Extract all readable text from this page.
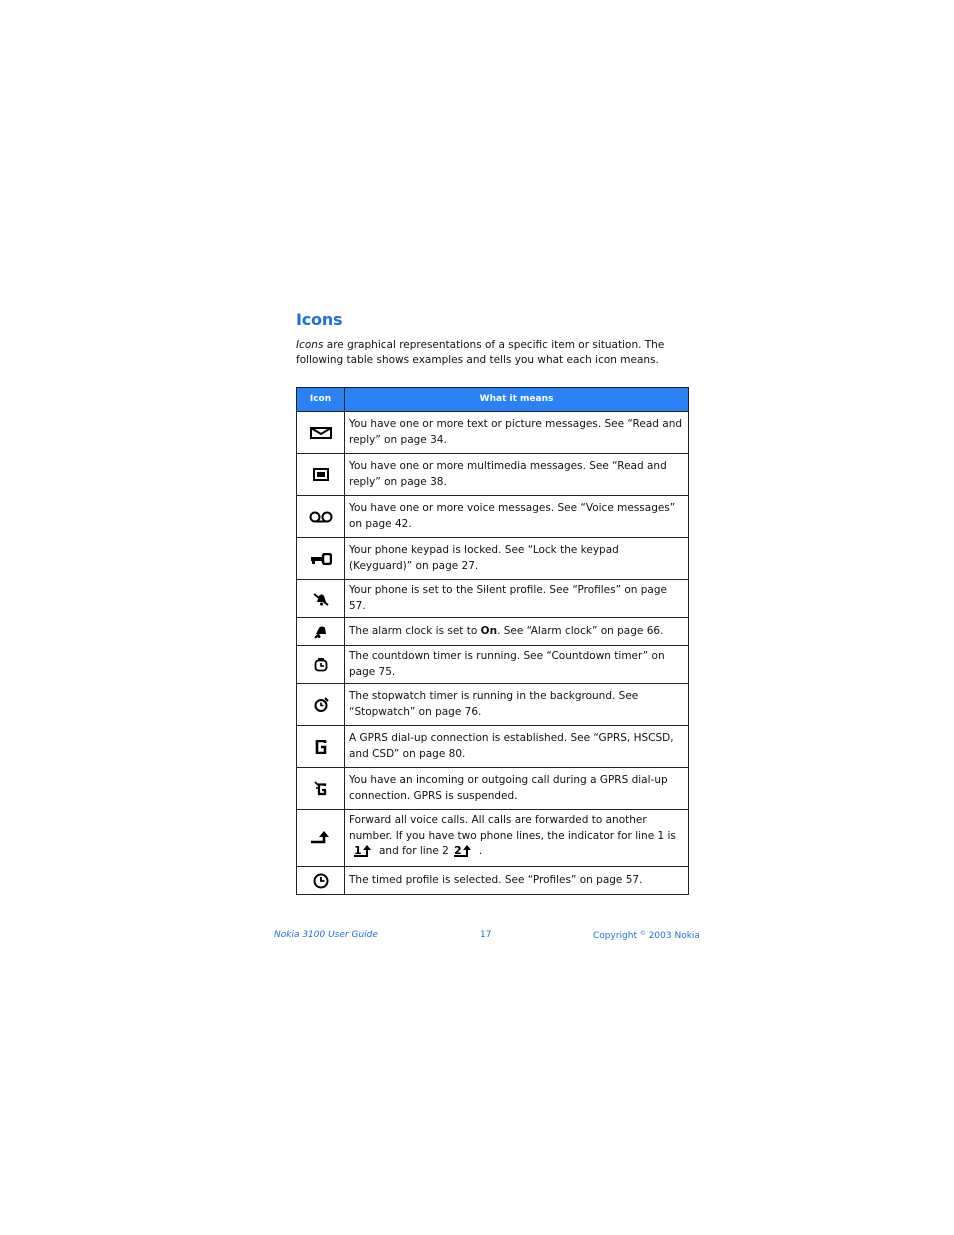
Icons

Icons are graphical representations of a specific item or situation. The following table shows examples and tells you what each icon means.

Icon	What it means

	You have one or more text or picture messages. See “Read and reply” on page 34.

	You have one or more multimedia messages. See “Read and reply” on page 38.

	You have one or more voice messages. See “Voice messages” on page 42.

	Your phone keypad is locked. See “Lock the keypad (Keyguard)” on page 27.

	Your phone is set to the Silent profile. See “Profiles” on page 57.

	The alarm clock is set to On. See “Alarm clock” on page 66.

	The countdown timer is running. See “Countdown timer” on page 75.

	The stopwatch timer is running in the background. See “Stopwatch” on page 76.

	A GPRS dial-up connection is established. See “GPRS, HSCSD, and CSD” on page 80.

	You have an incoming or outgoing call during a GPRS dial-up connection. GPRS is suspended.

	Forward all voice calls. All calls are forwarded to another number. If you have two phone lines, the indicator for line 1 is
1 and for line 2 2 .

	The timed profile is selected. See “Profiles” on page 57.

Nokia 3100 User Guide	17	Copyright © 2003 Nokia
